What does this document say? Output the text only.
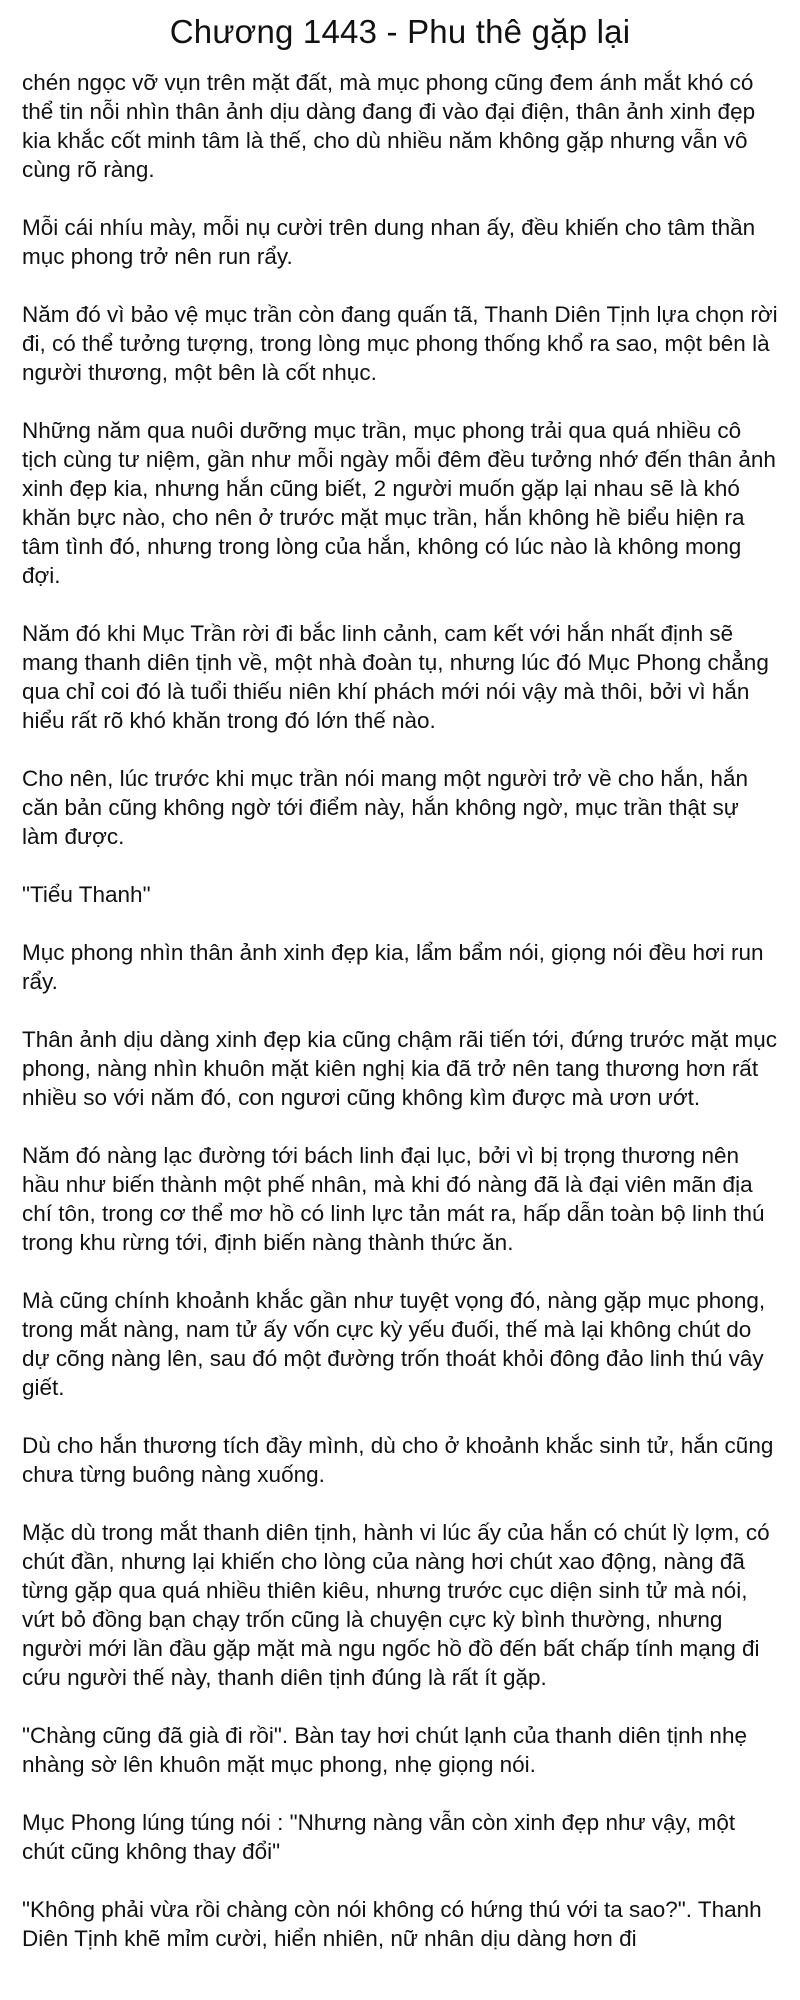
Chương 1443 - Phu thê gặp lại

chén ngọc vỡ vụn trên mặt đất, mà mục phong cũng đem ánh mắt khó có thể tin nỗi nhìn thân ảnh dịu dàng đang đi vào đại điện, thân ảnh xinh đẹp kia khắc cốt minh tâm là thế, cho dù nhiều năm không gặp nhưng vẫn vô cùng rõ ràng.

Mỗi cái nhíu mày, mỗi nụ cười trên dung nhan ấy, đều khiến cho tâm thần mục phong trở nên run rẩy.

Năm đó vì bảo vệ mục trần còn đang quấn tã, Thanh Diên Tịnh lựa chọn rời đi, có thể tưởng tượng, trong lòng mục phong thống khổ ra sao, một bên là người thương, một bên là cốt nhục.

Những năm qua nuôi dưỡng mục trần, mục phong trải qua quá nhiều cô tịch cùng tư niệm, gần như mỗi ngày mỗi đêm đều tưởng nhớ đến thân ảnh xinh đẹp kia, nhưng hắn cũng biết, 2 người muốn gặp lại nhau sẽ là khó khăn bực nào, cho nên ở trước mặt mục trần, hắn không hề biểu hiện ra tâm tình đó, nhưng trong lòng của hắn, không có lúc nào là không mong đợi.

Năm đó khi Mục Trần rời đi bắc linh cảnh, cam kết với hắn nhất định sẽ mang thanh diên tịnh về, một nhà đoàn tụ, nhưng lúc đó Mục Phong chẳng qua chỉ coi đó là tuổi thiếu niên khí phách mới nói vậy mà thôi, bởi vì hắn hiểu rất rõ khó khăn trong đó lớn thế nào.

Cho nên, lúc trước khi mục trần nói mang một người trở về cho hắn, hắn căn bản cũng không ngờ tới điểm này, hắn không ngờ, mục trần thật sự làm được.

"Tiểu Thanh"

Mục phong nhìn thân ảnh xinh đẹp kia, lẩm bẩm nói, giọng nói đều hơi run rẩy.

Thân ảnh dịu dàng xinh đẹp kia cũng chậm rãi tiến tới, đứng trước mặt mục phong, nàng nhìn khuôn mặt kiên nghị kia đã trở nên tang thương hơn rất nhiều so với năm đó, con ngươi cũng không kìm được mà ươn ướt.

Năm đó nàng lạc đường tới bách linh đại lục, bởi vì bị trọng thương nên hầu như biến thành một phế nhân, mà khi đó nàng đã là đại viên mãn địa chí tôn, trong cơ thể mơ hồ có linh lực tản mát ra, hấp dẫn toàn bộ linh thú trong khu rừng tới, định biến nàng thành thức ăn.

Mà cũng chính khoảnh khắc gần như tuyệt vọng đó, nàng gặp mục phong, trong mắt nàng, nam tử ấy vốn cực kỳ yếu đuối, thế mà lại không chút do dự cõng nàng lên, sau đó một đường trốn thoát khỏi đông đảo linh thú vây giết.

Dù cho hắn thương tích đầy mình, dù cho ở khoảnh khắc sinh tử, hắn cũng chưa từng buông nàng xuống.

Mặc dù trong mắt thanh diên tịnh, hành vi lúc ấy của hắn có chút lỳ lợm, có chút đần, nhưng lại khiến cho lòng của nàng hơi chút xao động, nàng đã từng gặp qua quá nhiều thiên kiêu, nhưng trước cục diện sinh tử mà nói, vứt bỏ đồng bạn chạy trốn cũng là chuyện cực kỳ bình thường, nhưng người mới lần đầu gặp mặt mà ngu ngốc hồ đồ đến bất chấp tính mạng đi cứu người thế này, thanh diên tịnh đúng là rất ít gặp.

"Chàng cũng đã già đi rồi". Bàn tay hơi chút lạnh của thanh diên tịnh nhẹ nhàng sờ lên khuôn mặt mục phong, nhẹ giọng nói.

Mục Phong lúng túng nói : "Nhưng nàng vẫn còn xinh đẹp như vậy, một chút cũng không thay đổi"

"Không phải vừa rồi chàng còn nói không có hứng thú với ta sao?". Thanh Diên Tịnh khẽ mỉm cười, hiển nhiên, nữ nhân dịu dàng hơn đi
